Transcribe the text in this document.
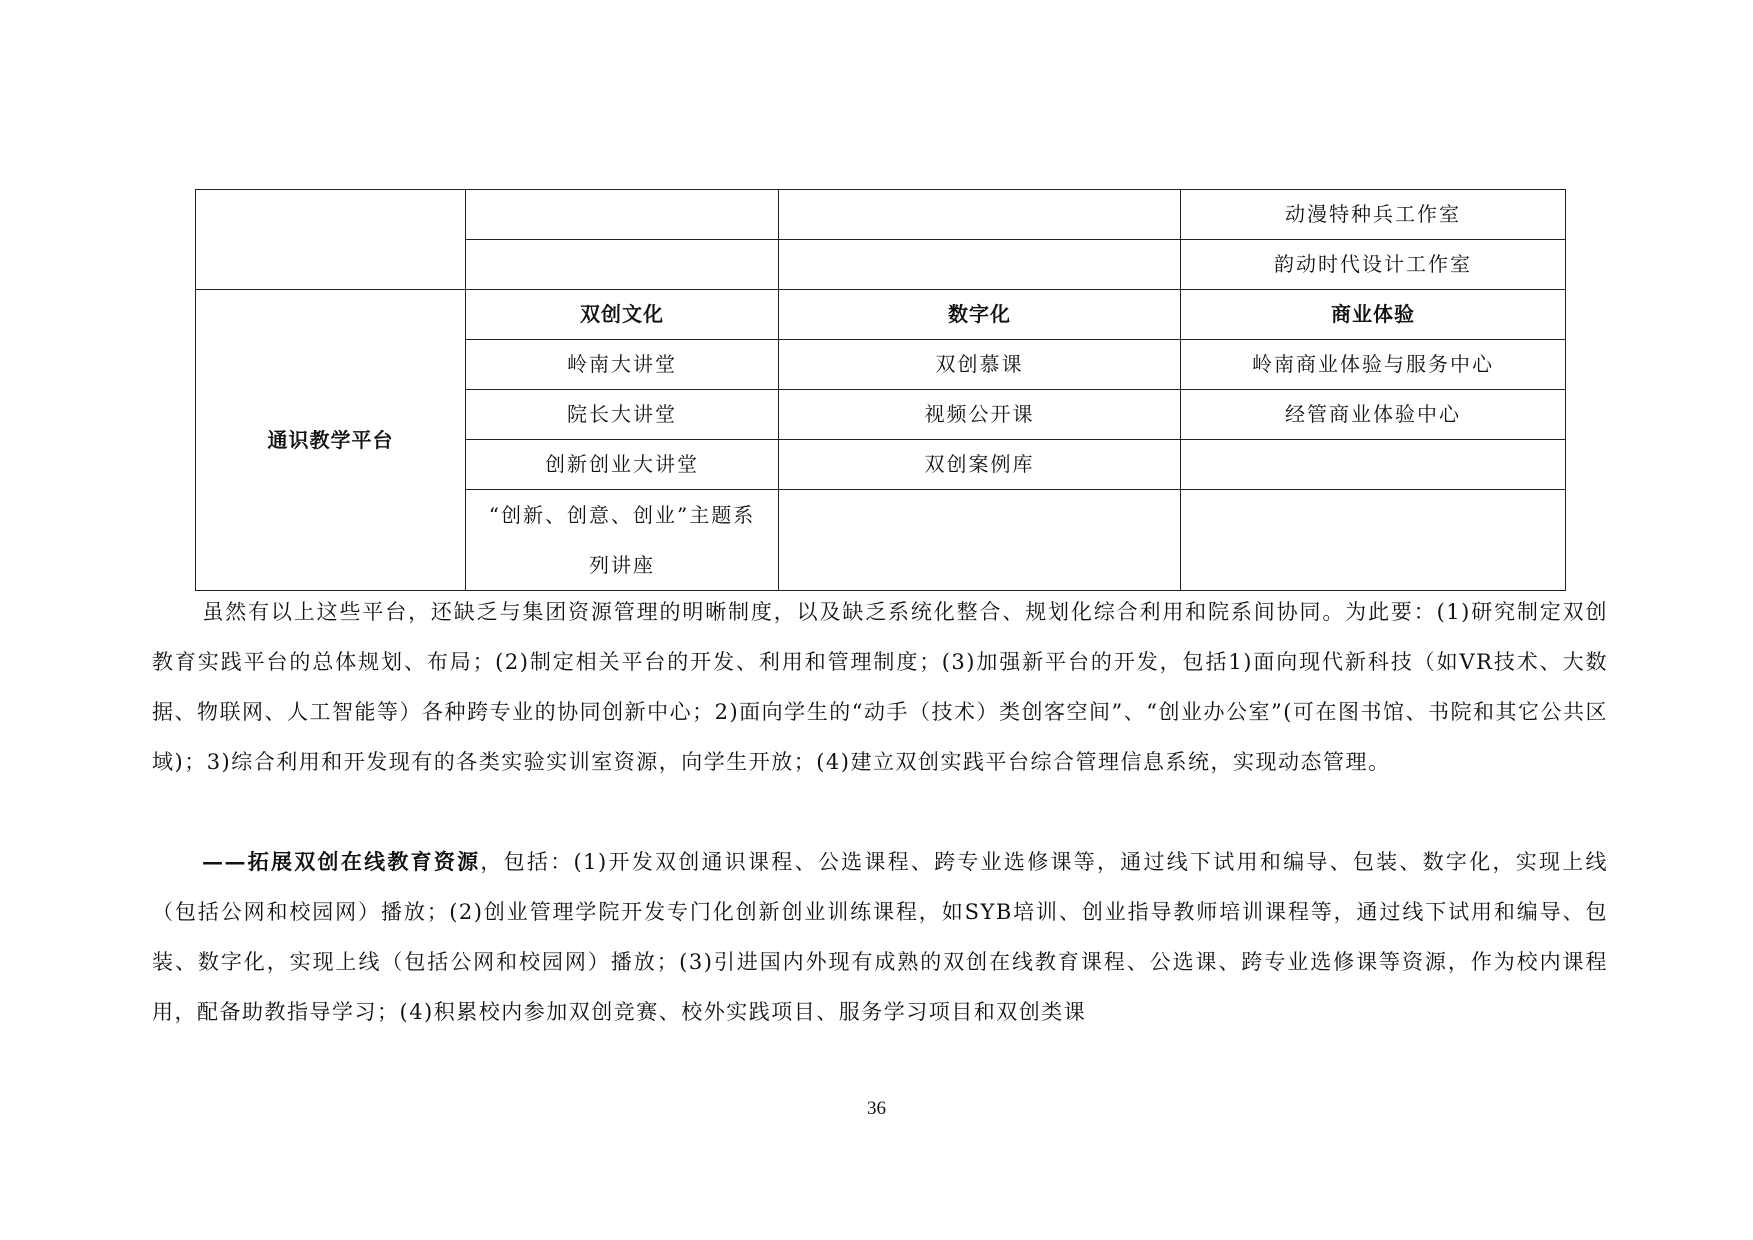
			动漫特种兵工作室
			韵动时代设计工作室
通识教学平台	双创文化	数字化	商业体验
	岭南大讲堂	双创慕课	岭南商业体验与服务中心
	院长大讲堂	视频公开课	经管商业体验中心
	创新创业大讲堂	双创案例库	

	“创新、创意、创业”主题系
列讲座		

虽然有以上这些平台，还缺乏与集团资源管理的明晰制度，以及缺乏系统化整合、规划化综合利用和院系间协同。为此要：(1)研究制定双创教育实践平台的总体规划、布局；(2)制定相关平台的开发、利用和管理制度；(3)加强新平台的开发，包括1)面向现代新科技（如VR技术、大数据、物联网、人工智能等）各种跨专业的协同创新中心；2)面向学生的“动手（技术）类创客空间”、“创业办公室”(可在图书馆、书院和其它公共区域)；3)综合利用和开发现有的各类实验实训室资源，向学生开放；(4)建立双创实践平台综合管理信息系统，实现动态管理。

——拓展双创在线教育资源，包括：(1)开发双创通识课程、公选课程、跨专业选修课等，通过线下试用和编导、包装、数字化，实现上线（包括公网和校园网）播放；(2)创业管理学院开发专门化创新创业训练课程，如SYB培训、创业指导教师培训课程等，通过线下试用和编导、包装、数字化，实现上线（包括公网和校园网）播放；(3)引进国内外现有成熟的双创在线教育课程、公选课、跨专业选修课等资源，作为校内课程用，配备助教指导学习；(4)积累校内参加双创竞赛、校外实践项目、服务学习项目和双创类课

36
